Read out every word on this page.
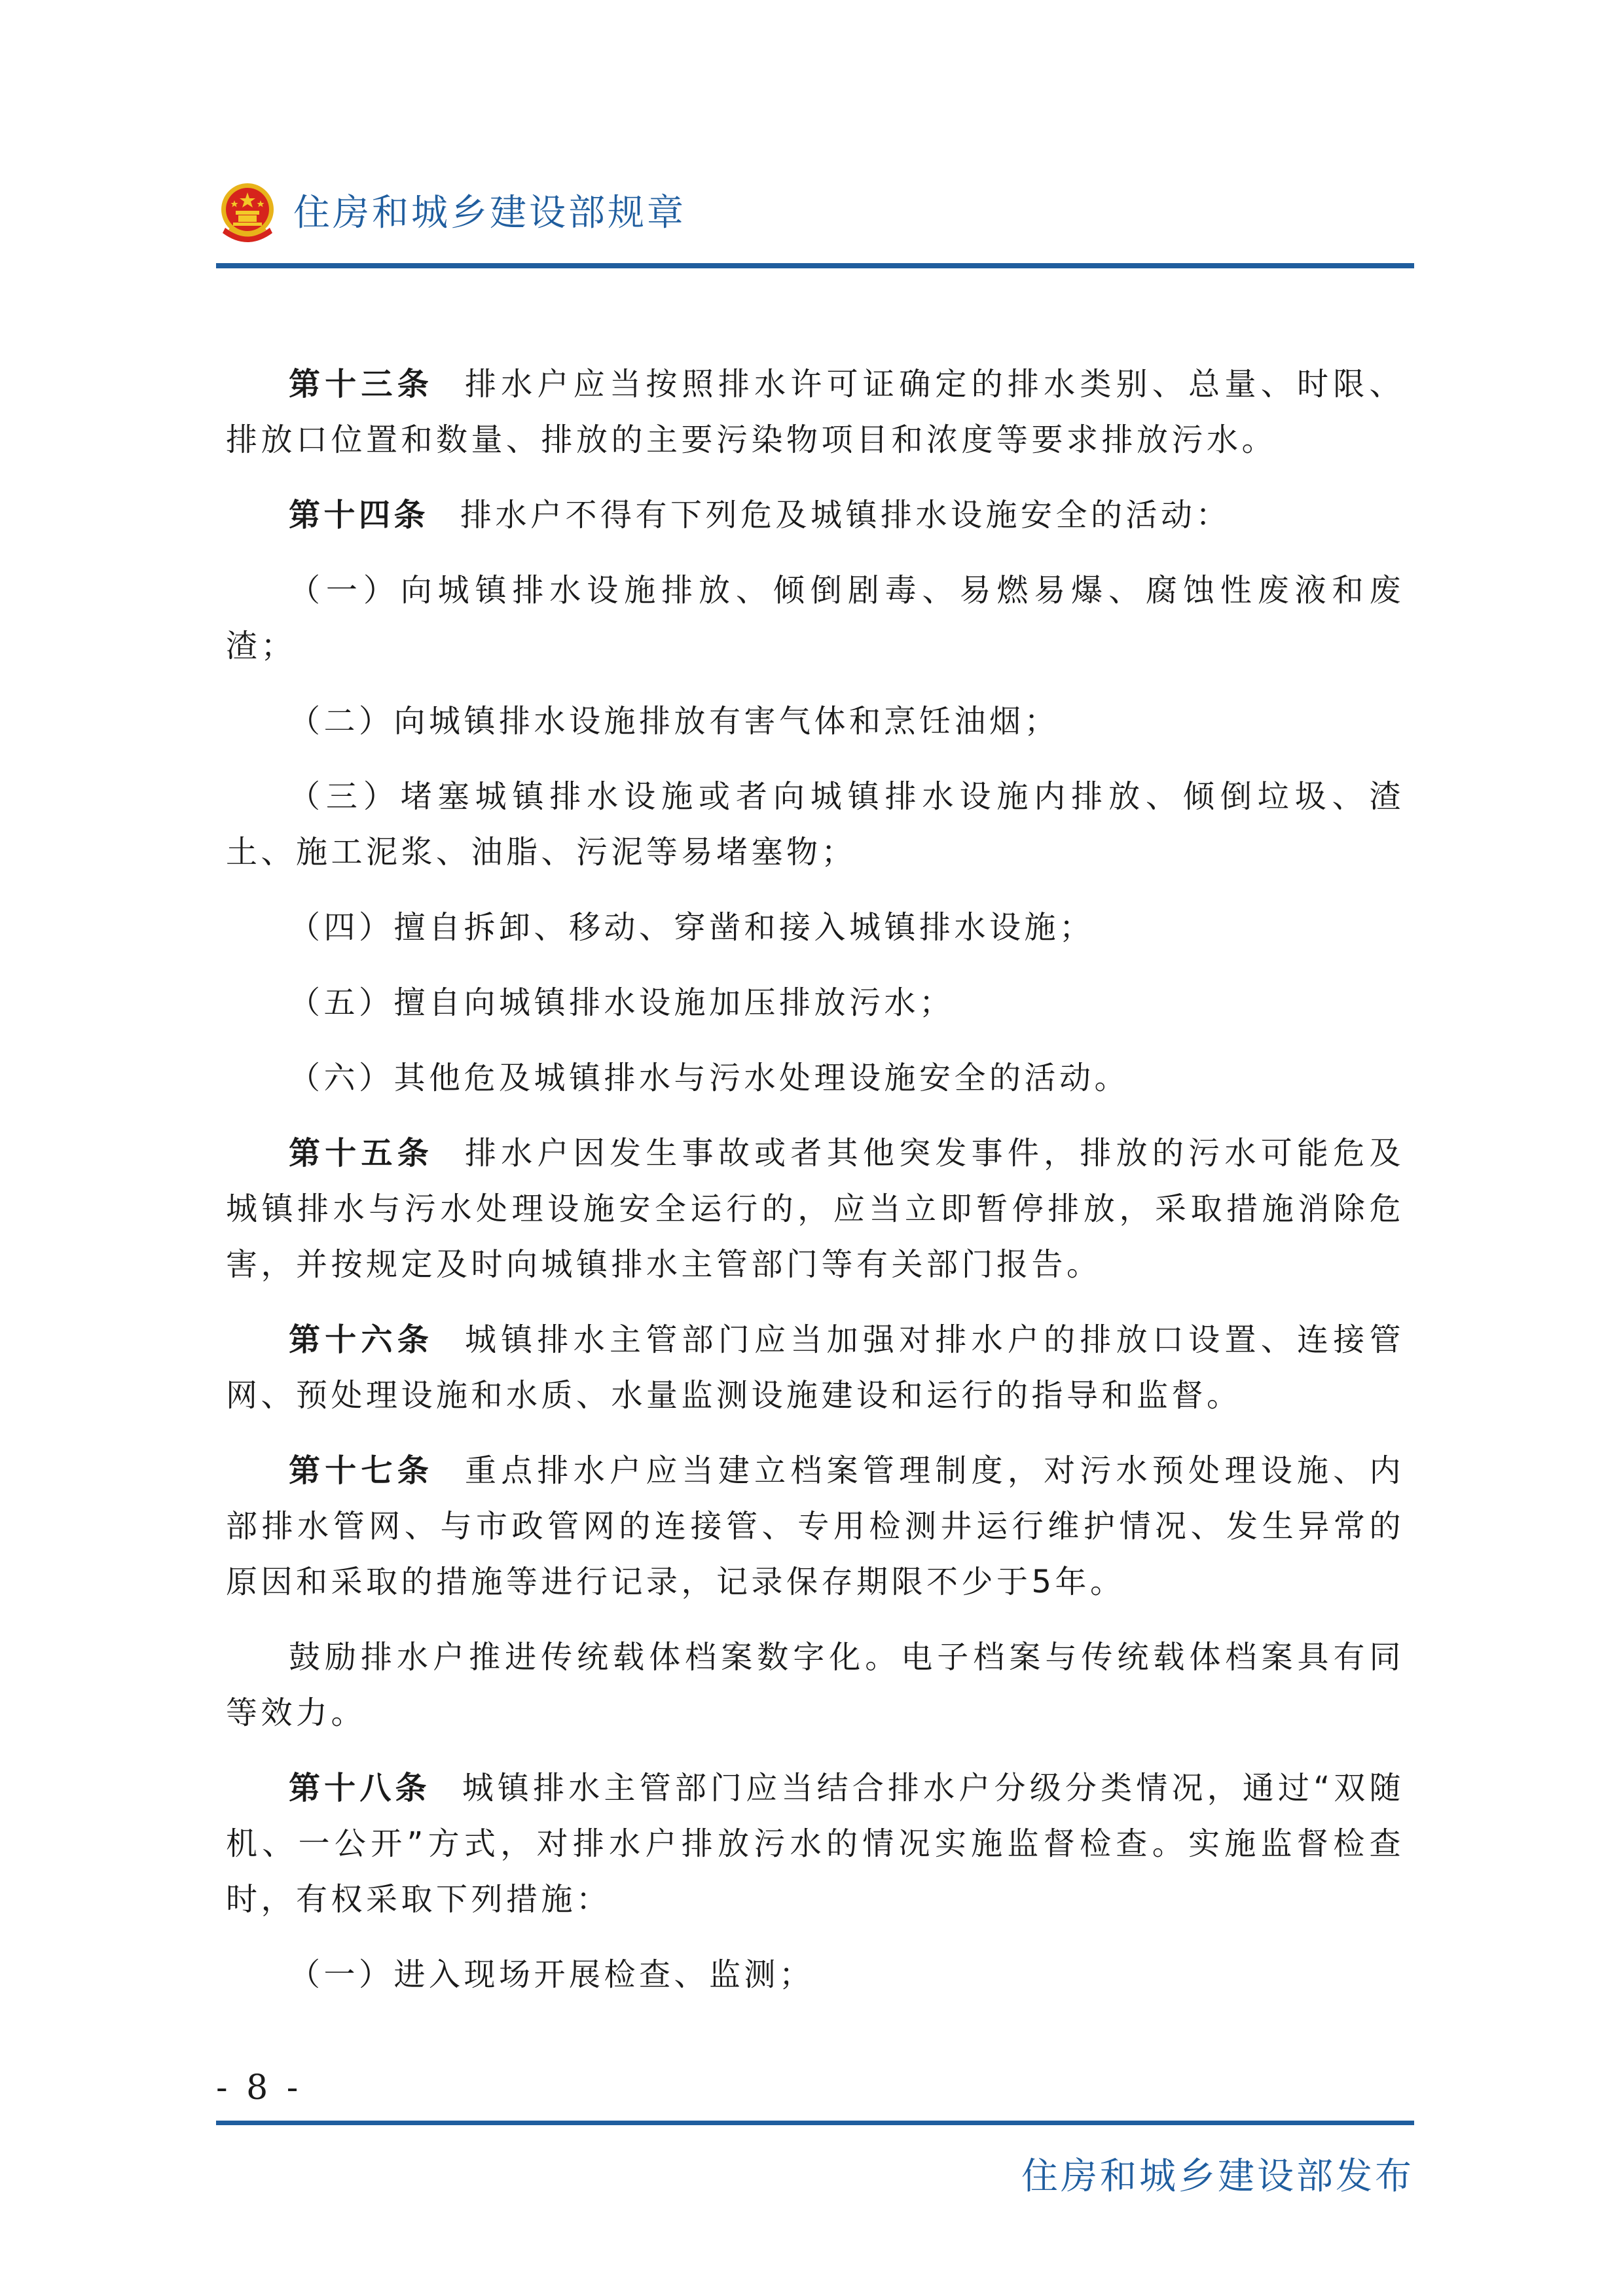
住房和城乡建设部规章

第十三条 排水户应当按照排水许可证确定的排水类别、总量、时限、排放口位置和数量、排放的主要污染物项目和浓度等要求排放污水。

第十四条 排水户不得有下列危及城镇排水设施安全的活动：

（一）向城镇排水设施排放、倾倒剧毒、易燃易爆、腐蚀性废液和废渣；

（二）向城镇排水设施排放有害气体和烹饪油烟；

（三）堵塞城镇排水设施或者向城镇排水设施内排放、倾倒垃圾、渣土、施工泥浆、油脂、污泥等易堵塞物；

（四）擅自拆卸、移动、穿凿和接入城镇排水设施；

（五）擅自向城镇排水设施加压排放污水；

（六）其他危及城镇排水与污水处理设施安全的活动。

第十五条 排水户因发生事故或者其他突发事件，排放的污水可能危及城镇排水与污水处理设施安全运行的，应当立即暂停排放，采取措施消除危害，并按规定及时向城镇排水主管部门等有关部门报告。

第十六条 城镇排水主管部门应当加强对排水户的排放口设置、连接管网、预处理设施和水质、水量监测设施建设和运行的指导和监督。

第十七条 重点排水户应当建立档案管理制度，对污水预处理设施、内部排水管网、与市政管网的连接管、专用检测井运行维护情况、发生异常的原因和采取的措施等进行记录，记录保存期限不少于5年。

鼓励排水户推进传统载体档案数字化。电子档案与传统载体档案具有同等效力。

第十八条 城镇排水主管部门应当结合排水户分级分类情况，通过“双随机、一公开”方式，对排水户排放污水的情况实施监督检查。实施监督检查时，有权采取下列措施：

（一）进入现场开展检查、监测；

- 8 -
住房和城乡建设部发布
